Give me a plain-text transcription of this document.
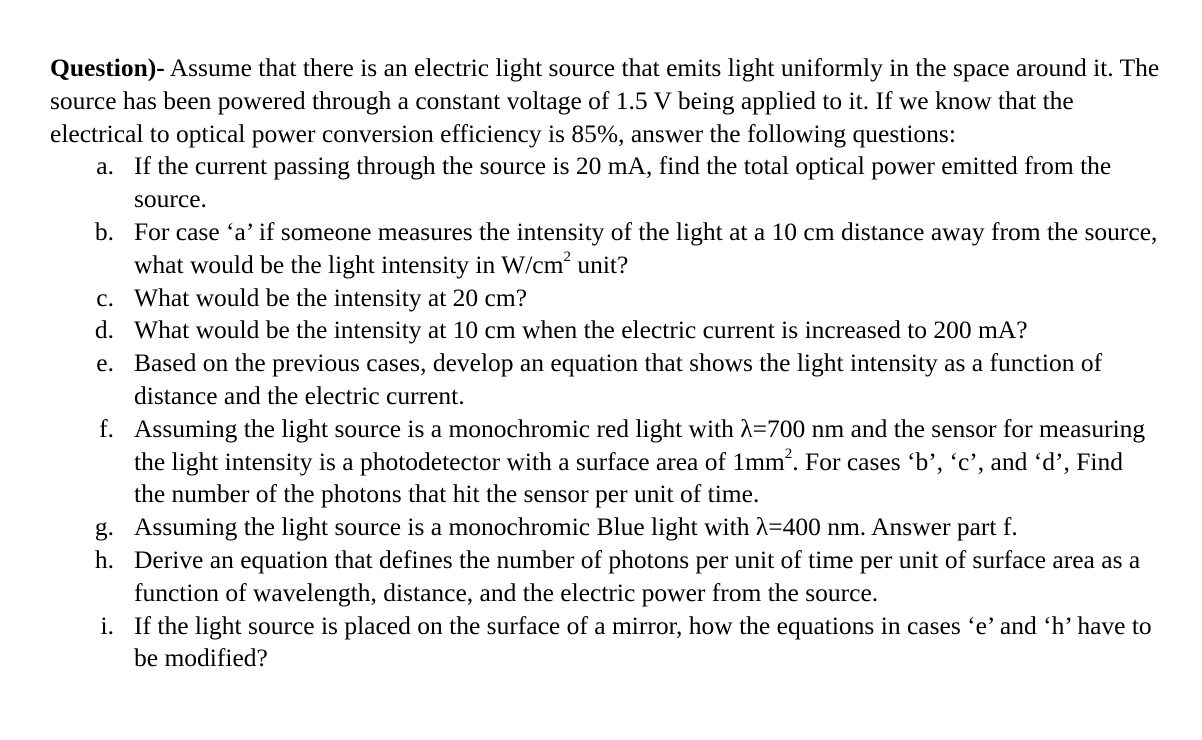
Question)- Assume that there is an electric light source that emits light uniformly in the space around it. The source has been powered through a constant voltage of 1.5 V being applied to it. If we know that the electrical to optical power conversion efficiency is 85%, answer the following questions:

a. If the current passing through the source is 20 mA, find the total optical power emitted from the source.
b. For case ‘a’ if someone measures the intensity of the light at a 10 cm distance away from the source, what would be the light intensity in $W/cm^2$ unit?
c. What would be the intensity at 20 cm?
d. What would be the intensity at 10 cm when the electric current is increased to 200 mA?
e. Based on the previous cases, develop an equation that shows the light intensity as a function of distance and the electric current.
f. Assuming the light source is a monochromic red light with λ=700 nm and the sensor for measuring the light intensity is a photodetector with a surface area of $1mm^2$. For cases ‘b’, ‘c’, and ‘d’, Find the number of the photons that hit the sensor per unit of time.
g. Assuming the light source is a monochromic Blue light with λ=400 nm. Answer part f.
h. Derive an equation that defines the number of photons per unit of time per unit of surface area as a function of wavelength, distance, and the electric power from the source.
i. If the light source is placed on the surface of a mirror, how the equations in cases ‘e’ and ‘h’ have to be modified?
